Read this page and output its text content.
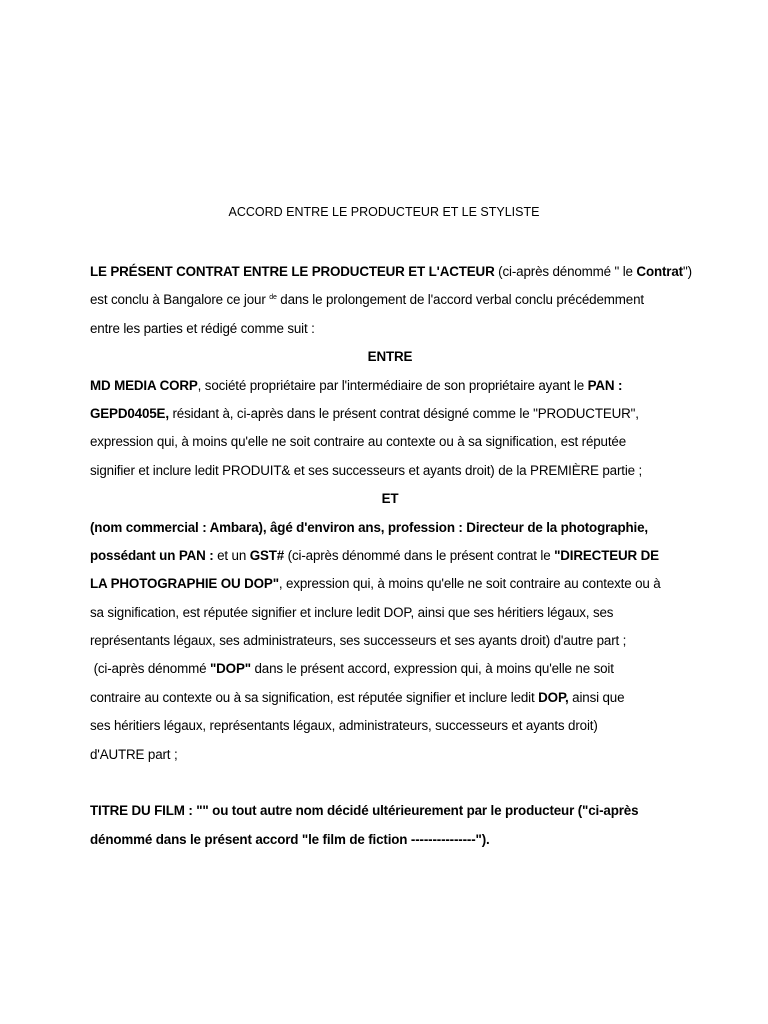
ACCORD ENTRE LE PRODUCTEUR ET LE STYLISTE
LE PRÉSENT CONTRAT ENTRE LE PRODUCTEUR ET L'ACTEUR (ci-après dénommé " le Contrat")
est conclu à Bangalore ce jour $^{de}$ dans le prolongement de l'accord verbal conclu précédemment
entre les parties et rédigé comme suit :
ENTRE
MD MEDIA CORP, société propriétaire par l'intermédiaire de son propriétaire ayant le PAN :
GEPD0405E, résidant à, ci-après dans le présent contrat désigné comme le "PRODUCTEUR",
expression qui, à moins qu'elle ne soit contraire au contexte ou à sa signification, est réputée
signifier et inclure ledit PRODUIT& et ses successeurs et ayants droit) de la PREMIÈRE partie ;
ET
(nom commercial : Ambara), âgé d'environ ans, profession : Directeur de la photographie,
possédant un PAN : et un GST# (ci-après dénommé dans le présent contrat le "DIRECTEUR DE
LA PHOTOGRAPHIE OU DOP", expression qui, à moins qu'elle ne soit contraire au contexte ou à
sa signification, est réputée signifier et inclure ledit DOP, ainsi que ses héritiers légaux, ses
représentants légaux, ses administrateurs, ses successeurs et ses ayants droit) d'autre part ;
(ci-après dénommé "DOP" dans le présent accord, expression qui, à moins qu'elle ne soit
contraire au contexte ou à sa signification, est réputée signifier et inclure ledit DOP, ainsi que
ses héritiers légaux, représentants légaux, administrateurs, successeurs et ayants droit)
d'AUTRE part ;
TITRE DU FILM : "" ou tout autre nom décidé ultérieurement par le producteur ("ci-après
dénommé dans le présent accord "le film de fiction ---------------").
